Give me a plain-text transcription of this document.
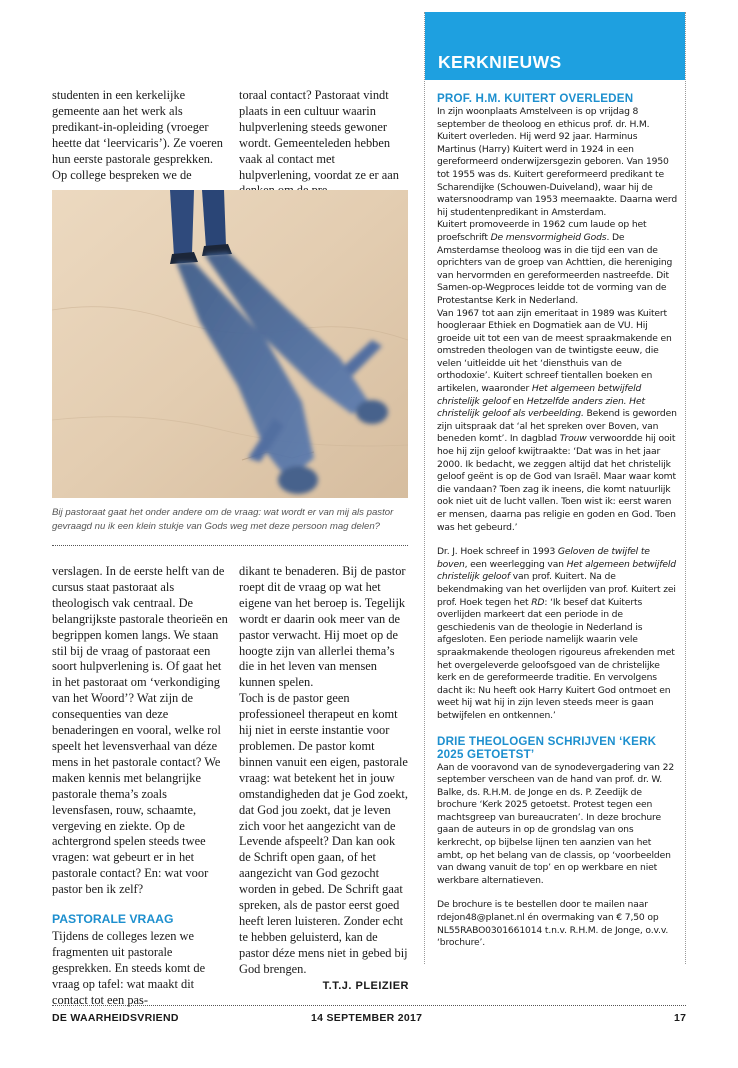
studenten in een kerkelijke gemeente aan het werk als predikant-in-opleiding (vroeger heette dat ‘leervicaris’). Ze voeren hun eerste pastorale gesprekken. Op college bespreken we de

toraal contact? Pastoraat vindt plaats in een cultuur waarin hulpverlening steeds gewoner wordt. Gemeenteleden hebben vaak al contact met hulpverlening, voordat ze er aan

Bij pastoraat gaat het onder andere om de vraag: wat wordt er van mij als pastor gevraagd nu ik een klein stukje van Gods weg met deze persoon mag delen?

verslagen. In de eerste helft van de cursus staat pastoraat als theologisch vak centraal. De belangrijkste pastorale theorieën en begrippen komen langs. We staan stil bij de vraag of pastoraat een soort hulpverlening is. Of gaat het in het pastoraat om ‘verkondiging van het Woord’? Wat zijn de consequenties van deze benaderingen en vooral, welke rol speelt het levensverhaal van déze mens in het pastorale contact? We maken kennis met belangrijke pastorale thema’s zoals levensfasen, rouw, schaamte, vergeving en ziekte. Op de achtergrond spelen steeds twee vragen: wat gebeurt er in het pastorale contact? En: wat voor pastor ben ik zelf?

PASTORALE VRAAG

Tijdens de colleges lezen we fragmenten uit pastorale gesprekken. En steeds komt de vraag op tafel: wat maakt dit contact tot een pas-

dikant te benaderen. Bij de pastor roept dit de vraag op wat het eigene van het beroep is. Tegelijk wordt er daarin ook meer van de pastor verwacht. Hij moet op de hoogte zijn van allerlei thema’s die in het leven van mensen kunnen spelen.

Toch is de pastor geen professioneel therapeut en komt hij niet in eerste instantie voor problemen. De pastor komt binnen vanuit een eigen, pastorale vraag: wat betekent het in jouw omstandigheden dat je God zoekt, dat God jou zoekt, dat je leven zich voor het aangezicht van de Levende afspeelt? Dan kan ook de Schrift open gaan, of het aangezicht van God gezocht worden in gebed. De Schrift gaat spreken, als de pastor eerst goed heeft leren luisteren. Zonder echt te hebben geluisterd, kan de pastor déze mens niet in gebed bij God brengen.

T.T.J. PLEIZIER
KERKNIEUWS
PROF. H.M. KUITERT OVERLEDEN

In zijn woonplaats Amstelveen is op vrijdag 8 september de theoloog en ethicus prof. dr. H.M. Kuitert overleden. Hij werd 92 jaar. Harminus Martinus (Harry) Kuitert werd in 1924 in een gereformeerd onderwijzersgezin geboren. Van 1950 tot 1955 was ds. Kuitert gereformeerd predikant te Scharendijke (Schouwen-Duiveland), waar hij de watersnoodramp van 1953 meemaakte. Daarna werd hij studentenpredikant in Amsterdam.

Kuitert promoveerde in 1962 cum laude op het proefschrift De mensvormigheid Gods. De Amsterdamse theoloog was in die tijd een van de oprichters van de groep van Achttien, die hereniging van hervormden en gereformeerden nastreefde. Dit Samen-op-Wegproces leidde tot de vorming van de Protestantse Kerk in Nederland.

Van 1967 tot aan zijn emeritaat in 1989 was Kuitert hoogleraar Ethiek en Dogmatiek aan de VU. Hij groeide uit tot een van de meest spraakmakende en omstreden theologen van de twintigste eeuw, die velen ‘uitleidde uit het ‘diensthuis van de orthodoxie’. Kuitert schreef tientallen boeken en artikelen, waaronder Het algemeen betwijfeld christelijk geloof en Hetzelfde anders zien. Het christelijk geloof als verbeelding. Bekend is geworden zijn uitspraak dat ‘al het spreken over Boven, van beneden komt’. In dagblad Trouw verwoordde hij ooit hoe hij zijn geloof kwijtraakte: ‘Dat was in het jaar 2000. Ik bedacht, we zeggen altijd dat het christelijk geloof geënt is op de God van Israël. Maar waar komt die vandaan? Toen zag ik ineens, die komt natuurlijk ook niet uit de lucht vallen. Toen wist ik: eerst waren er mensen, daarna pas religie en goden en God. Toen was het gebeurd.’

Dr. J. Hoek schreef in 1993 Geloven de twijfel te boven, een weerlegging van Het algemeen betwijfeld christelijk geloof van prof. Kuitert. Na de bekendmaking van het overlijden van prof. Kuitert zei prof. Hoek tegen het RD: ‘Ik besef dat Kuiterts overlijden markeert dat een periode in de geschiedenis van de theologie in Nederland is afgesloten. Een periode namelijk waarin vele spraakmakende theologen rigoureus afrekenden met het overgeleverde geloofsgoed van de christelijke kerk en de gereformeerde traditie. En vervolgens dacht ik: Nu heeft ook Harry Kuitert God ontmoet en weet hij wat hij in zijn leven steeds meer is gaan betwijfelen en ontkennen.’

DRIE THEOLOGEN SCHRIJVEN ‘KERK 2025 GETOETST’

Aan de vooravond van de synodevergadering van 22 september verscheen van de hand van prof. dr. W. Balke, ds. R.H.M. de Jonge en ds. P. Zeedijk de brochure ‘Kerk 2025 getoetst. Protest tegen een machtsgreep van bureaucraten’. In deze brochure gaan de auteurs in op de grondslag van ons kerkrecht, op bijbelse lijnen ten aanzien van het ambt, op het belang van de classis, op ‘voorbeelden van dwang vanuit de top’ en op werkbare en niet werkbare alternatieven.

De brochure is te bestellen door te mailen naar rdejon48@planet.nl én overmaking van € 7,50 op NL55RABO0301661014 t.n.v. R.H.M. de Jonge, o.v.v. ‘brochure’.

DE WAARHEIDSVRIEND	14 SEPTEMBER 2017	17
